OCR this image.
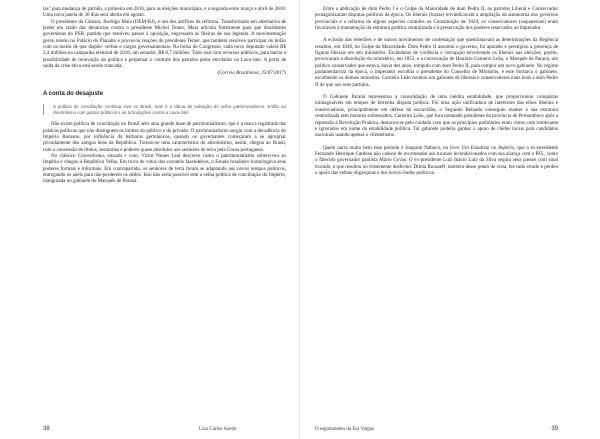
las" para mudança de partido, a primeira em 2016, para as eleições municipais, e a segunda entre março e abril de 2018. Uma nova janela de 30 dias será aberta em agosto.

O presidente da Câmara, Rodrigo Maia (DEM-RJ), é um dos artífices da reforma. Transformado em alternativa de poder em razão das denúncias contra o presidente Michel Temer, Maia articula fortemente para que dissidentes governistas do PSB, partido que resolveu passar à oposição, engrossem as fileiras de sua legenda. A movimentação gerou tensão no Palácio do Planalto e provocou reações do presidente Temer, que também resolveu participar do leilão com os meios de que dispõe: verbas e cargos governamentais. Na bolsa do Congresso, cada novo deputado valerá R$ 2,4 milhões na campanha eleitoral de 2018, um senador, R$ 6,7 milhões. Tudo isso com recursos públicos, para barrar a possibilidade de renovação da política e perpetuar o controle dos partidos pelos enrolados na Lava-Jato. A porta de saída da crise ética está sendo trancada.

(Correio Braziliense, 22/07/2017)

A conta do desajuste
A política de conciliação continua viva no Brasil, mas é a tábua de salvação do velho patrimonialismo. Então ao clientelismo com gastos públicos e as articulações contra a Lava-Jato

Não existe política de conciliação no Brasil sem uma grande dose de patrimonialismo, que é a marca registrada das práticas políticas que não distinguem os limites do público e do privado. O patrimonialismo surgiu com a decadência do Império Romano, por influência da bárbaros germânicos, quando os governantes começaram a se apropriar privadamente dos antigos bens da República. Tornou-se uma característica do absolutismo, assim, chegou ao Brasil, com a concessão de títulos, sesmarias e poderes quase absolutos aos senhores de terra pela Coroa portuguesa.

No clássico Coronelismo, enxada e voto, Victor Nunes Leal descreve como o patrimonialismo sobreviveu ao Império e chegou à República Velha. Em troca de votos dos coronéis fazendeiros, o Estado brasileiro homologava seus poderes formais e informais. Em contrapartida, os senhores de terra foram se adaptando aos novos tempos políticos, entregando os anéis para não perderem os dedos. Isso não seria possível sem a velha política de conciliação do Império, inaugurada no gabinete do Marquês de Paraná.

38	Luiz Carlos Azedo

Entre a abdicação de dom Pedro I e o Golpe da Maioridade de dom Pedro II, os partidos Liberal e Conservador protagonizaram disputas políticas da época. Os liberais (luzias) reivindicavam a ampliação da autonomia dos governos provinciais e a reforma de alguns aspectos contidos na Constituição de 1824; os conservadores (saquaremas) eram favoráveis à manutenção da estrutura política centralizada e à preservação dos poderes reservados ao imperador.

A eclosão das rebeliões e de outros movimentos de contestação que questionavam as determinações da Regência resultou, em 1840, no Golpe da Maioridade. Dom Pedro II assumiu o governo, foi apoiado e prestigiou a presença de figuras liberais em seu ministério. Escândalos de violência e corrupção envolvendo os liberais nas eleições, porém, provocaram a dissolução do ministério, em 1853, e a convocação de Honório Carneiro Leão, o Marquês de Paraná, um político conservador que estava, havia dez anos, rompido com dom Pedro II, para compor um novo gabinete. No regime parlamentarista da época, o imperador escolhia o presidente do Conselho de Ministros, e este formava o gabinete, escolhendo os demais ministros. Carneiro Leão montou um gabinete de liberais e conservadores mais leais a dom Pedro II do que aos seus partidos.

O Gabinete Paraná representou a consolidação de uma inédita estabilidade, que proporcionou conquistas inimagináveis em tempos de ferrenha disputa política. Foi uma ação unificadora de interesses das elites liberais e conservadoras, principalmente em defesa da escravidão, o Segundo Reinado conseguiu manter a sua estrutura centralizada sem maiores sobressaltos. Carneiro Leão, que fora nomeado presidente da província de Pernambuco após a repressão à Revolução Praieira, destacou-se pelo cuidado com que os princípios partidários eram vistos com irrelevante e ignorados em nome da estabilidade política. Tal gabinete poderia ganhar o apoio de chefes locais para candidatos nacionais usando apenas o clientelismo.

Quem narra muito bem esse período é Joaquim Nabuco, no livro Um Estadista no Império, que o ex-presidente Fernando Henrique Cardoso não cansou de recomendar aos tucanos incondicionados com sua aliança com o PFL, como o falecido governador paulista Mário Covas. O ex-presidente Luiz Inácio Lula da Silva seguiu seus passos com sinal trocado, o que resultou no tristemente desfecho: Dilma Rousseff, também desse ponto de vista, fez tudo errado e perdeu o apoio das velhas oligarquias e dos novos chefes políticos.

O esgotamento da Era Vargas	39
